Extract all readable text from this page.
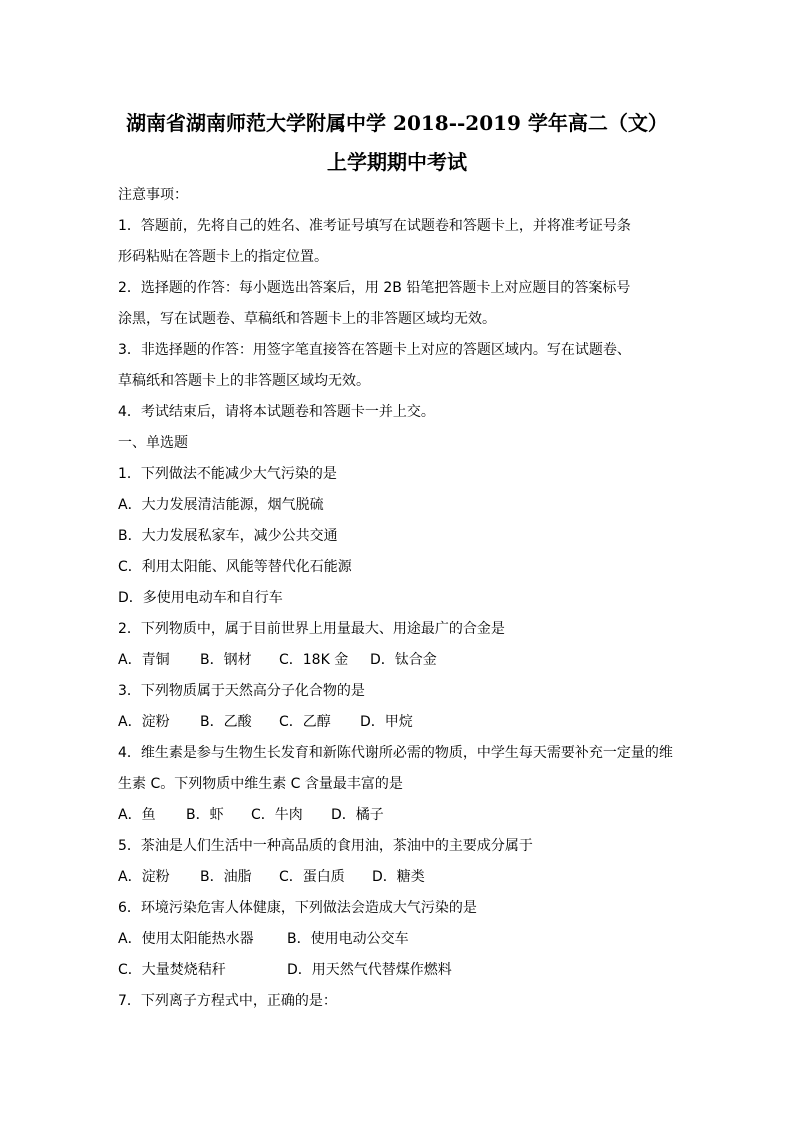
湖南省湖南师范大学附属中学 2018--2019 学年高二（文）
上学期期中考试
注意事项：
1．答题前，先将自己的姓名、准考证号填写在试题卷和答题卡上，并将准考证号条
形码粘贴在答题卡上的指定位置。
2．选择题的作答：每小题选出答案后，用 2B 铅笔把答题卡上对应题目的答案标号
涂黑，写在试题卷、草稿纸和答题卡上的非答题区域均无效。
3．非选择题的作答：用签字笔直接答在答题卡上对应的答题区域内。写在试题卷、
草稿纸和答题卡上的非答题区域均无效。
4．考试结束后，请将本试题卷和答题卡一并上交。
一、单选题
1．下列做法不能减少大气污染的是
A．大力发展清洁能源，烟气脱硫
B．大力发展私家车，减少公共交通
C．利用太阳能、风能等替代化石能源
D．多使用电动车和自行车
2．下列物质中，属于目前世界上用量最大、用途最广的合金是
A．青铜 B．钢材 C．18K 金 D．钛合金
3．下列物质属于天然高分子化合物的是
A．淀粉 B．乙酸 C．乙醇 D．甲烷
4．维生素是参与生物生长发育和新陈代谢所必需的物质，中学生每天需要补充一定量的维
生素 C。下列物质中维生素 C 含量最丰富的是
A．鱼 B．虾 C．牛肉 D．橘子
5．茶油是人们生活中一种高品质的食用油，茶油中的主要成分属于
A．淀粉 B．油脂 C．蛋白质 D．糖类
6．环境污染危害人体健康，下列做法会造成大气污染的是
A．使用太阳能热水器 B．使用电动公交车
C．大量焚烧秸秆	D．用天然气代替煤作燃料
7．下列离子方程式中，正确的是：
